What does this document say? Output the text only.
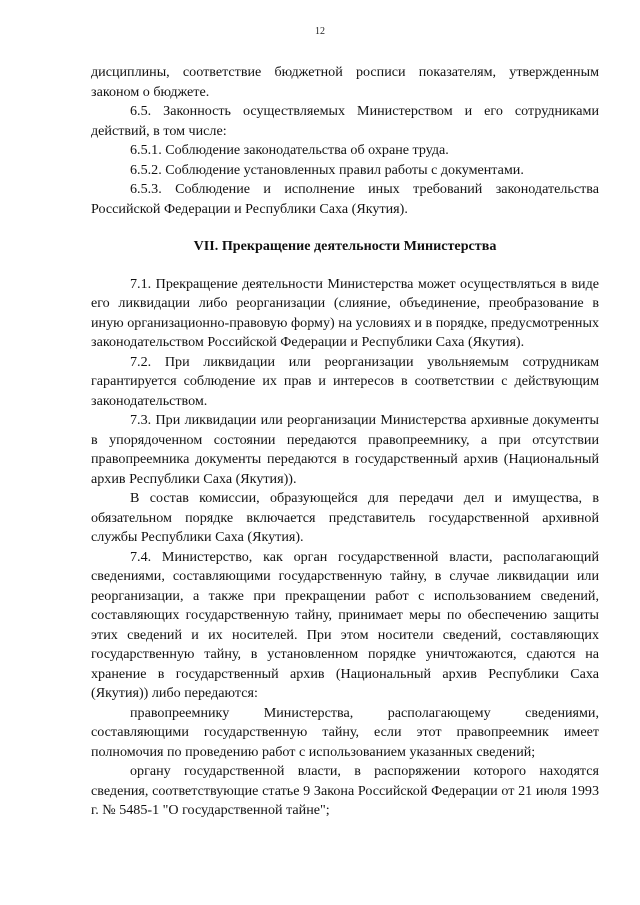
12

дисциплины, соответствие бюджетной росписи показателям, утвержденным законом о бюджете.

6.5. Законность осуществляемых Министерством и его сотрудниками действий, в том числе:

6.5.1. Соблюдение законодательства об охране труда.

6.5.2. Соблюдение установленных правил работы с документами.

6.5.3. Соблюдение и исполнение иных требований законодательства Российской Федерации и Республики Саха (Якутия).

VII. Прекращение деятельности Министерства

7.1. Прекращение деятельности Министерства может осуществляться в виде его ликвидации либо реорганизации (слияние, объединение, преобразование в иную организационно-правовую форму) на условиях и в порядке, предусмотренных законодательством Российской Федерации и Республики Саха (Якутия).

7.2. При ликвидации или реорганизации увольняемым сотрудникам гарантируется соблюдение их прав и интересов в соответствии с действующим законодательством.

7.3. При ликвидации или реорганизации Министерства архивные документы в упорядоченном состоянии передаются правопреемнику, а при отсутствии правопреемника документы передаются в государственный архив (Национальный архив Республики Саха (Якутия)).

В состав комиссии, образующейся для передачи дел и имущества, в обязательном порядке включается представитель государственной архивной службы Республики Саха (Якутия).

7.4. Министерство, как орган государственной власти, располагающий сведениями, составляющими государственную тайну, в случае ликвидации или реорганизации, а также при прекращении работ с использованием сведений, составляющих государственную тайну, принимает меры по обеспечению защиты этих сведений и их носителей. При этом носители сведений, составляющих государственную тайну, в установленном порядке уничтожаются, сдаются на хранение в государственный архив (Национальный архив Республики Саха (Якутия)) либо передаются:

правопреемнику Министерства, располагающему сведениями, составляющими государственную тайну, если этот правопреемник имеет полномочия по проведению работ с использованием указанных сведений;

органу государственной власти, в распоряжении которого находятся сведения, соответствующие статье 9 Закона Российской Федерации от 21 июля 1993 г. № 5485-1 "О государственной тайне";
